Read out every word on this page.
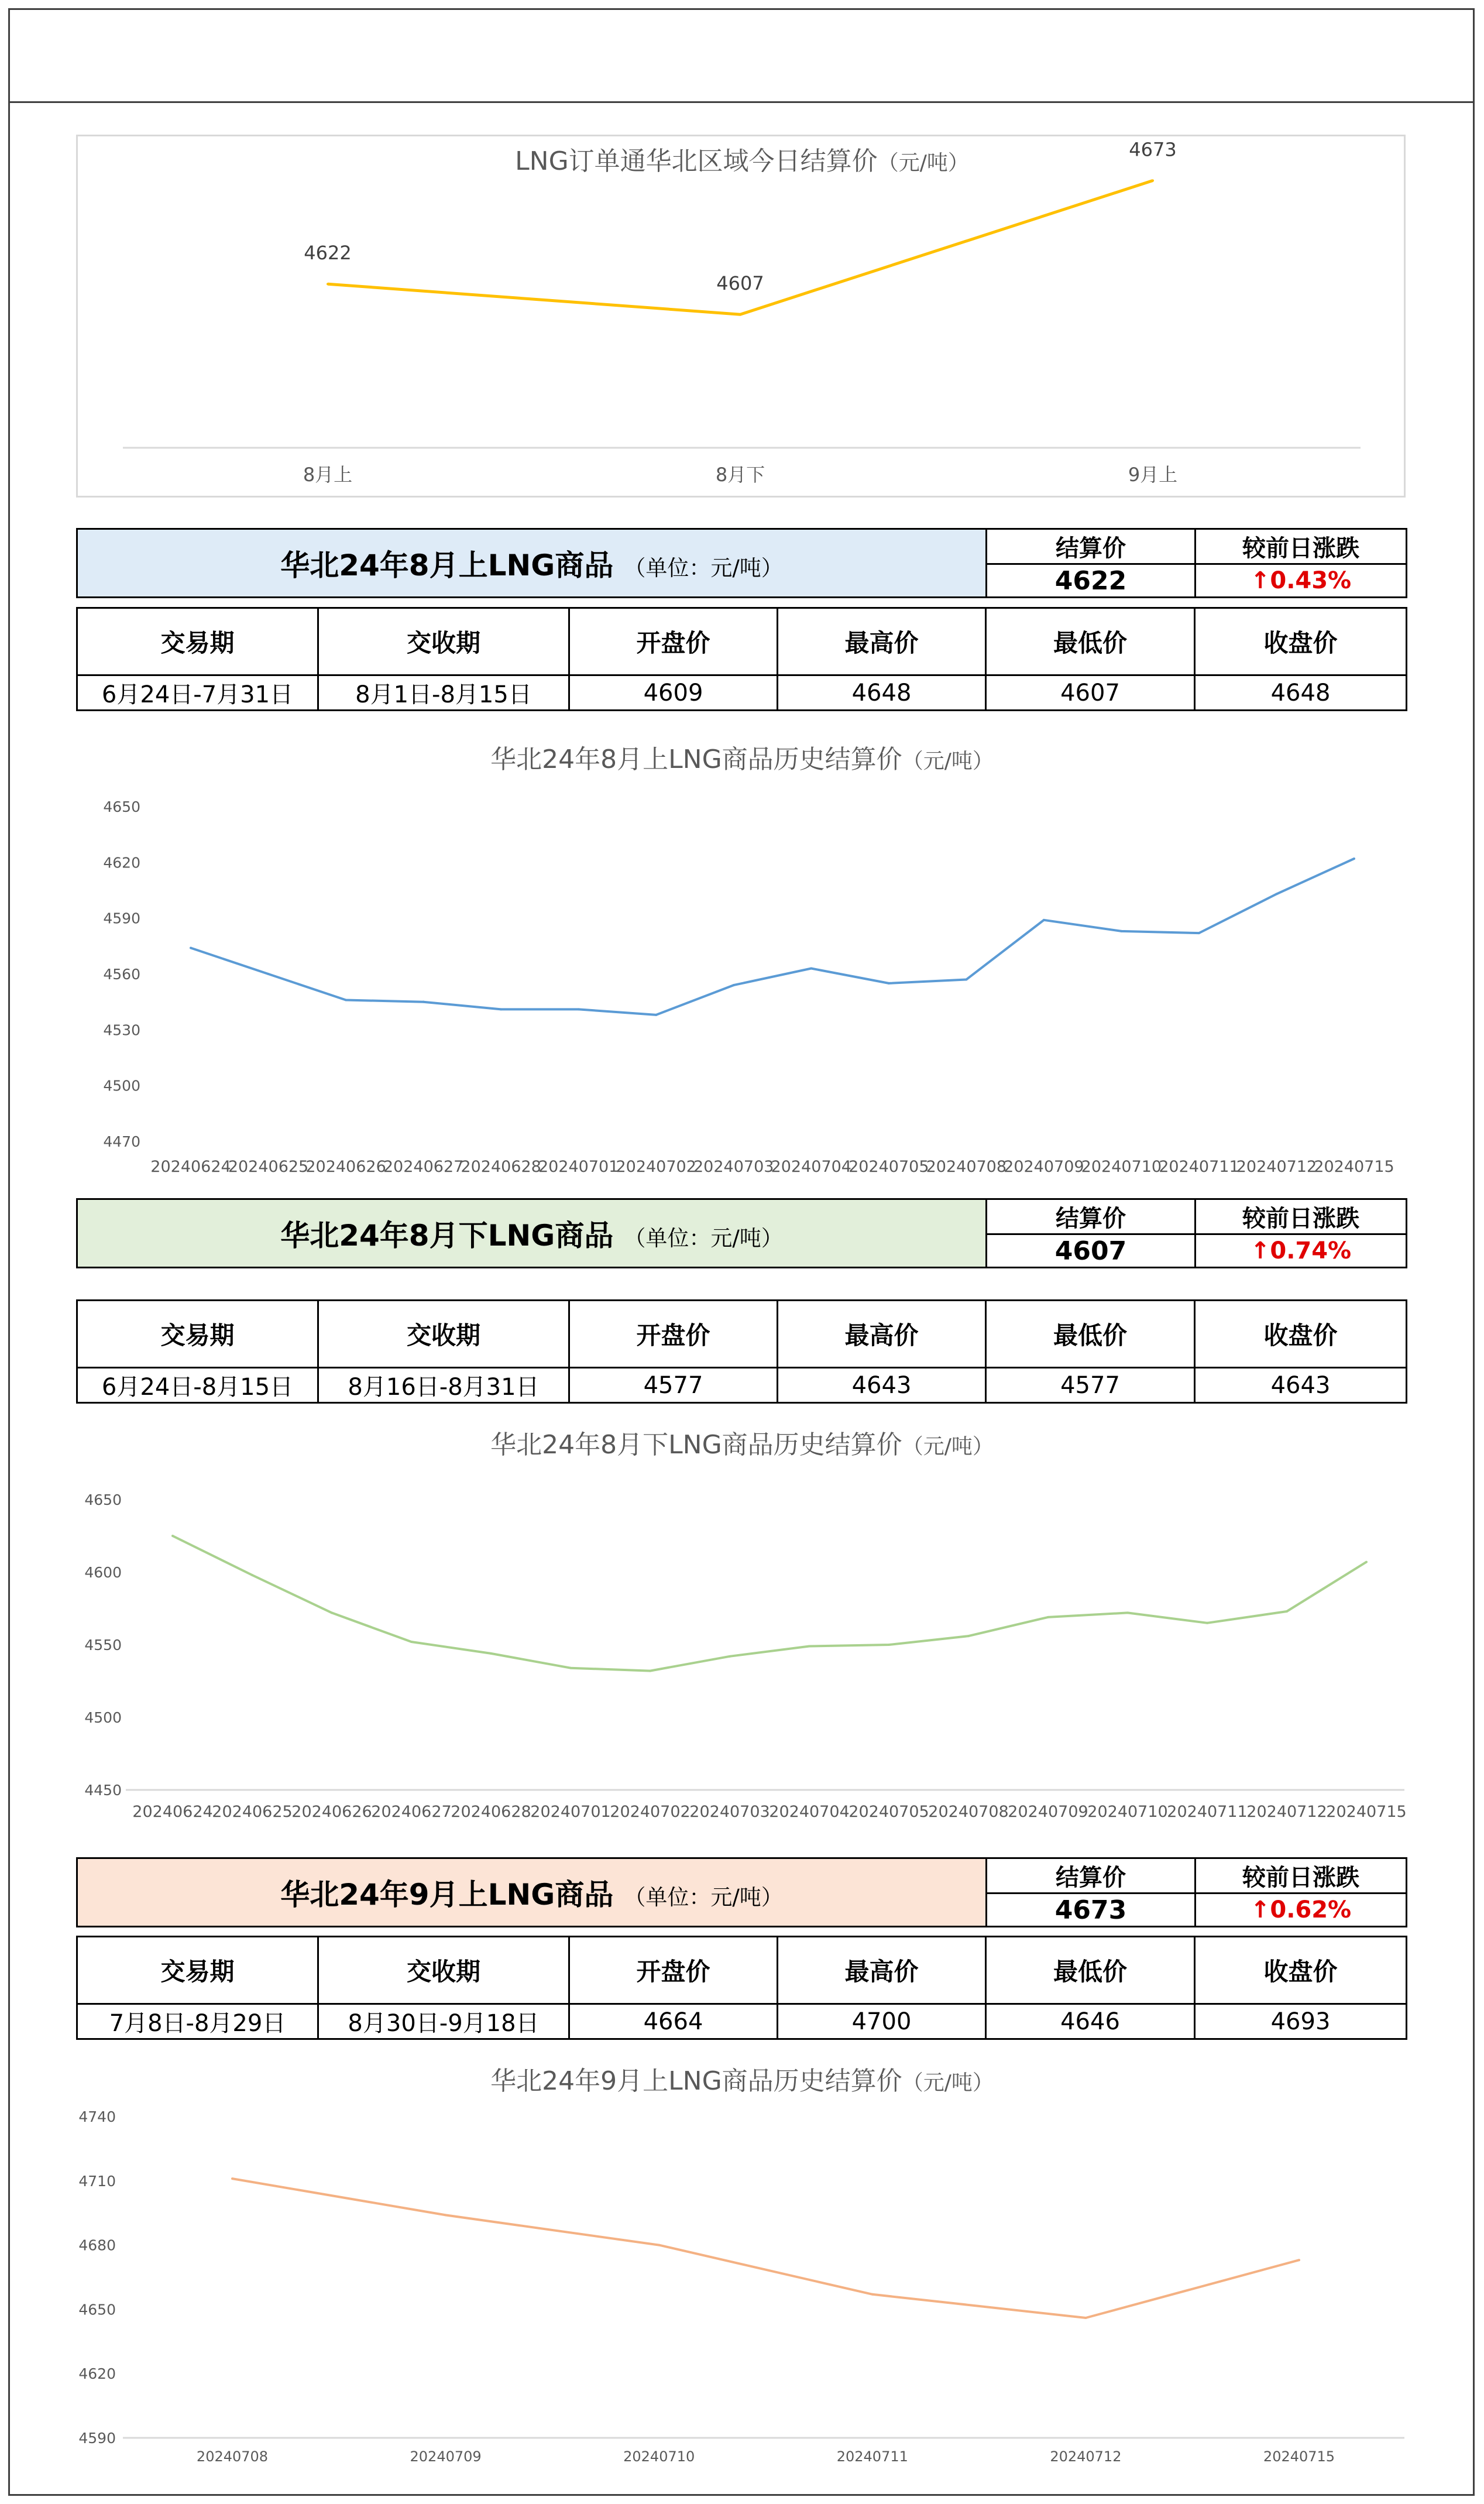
LNG订单通华北区域今日结算价（元/吨）
8月上	8月下	9月上
4622
4607
4673
华北24年8月上LNG商品 （单位：元/吨）	结算价	较前日涨跌
	4622	↑0.43%
交易期	交收期	开盘价	最高价	最低价	收盘价
6月24日-7月31日	8月1日-8月15日	4609	4648	4607	4648
华北24年8月上LNG商品历史结算价（元/吨）
4470
4500
4530
4560
4590
4620
4650
20240624
20240625
20240626
20240627
20240628
20240701
20240702
20240703
20240704
20240705
20240708
20240709
20240710
20240711
20240712
20240715
华北24年8月下LNG商品 （单位：元/吨）	结算价	较前日涨跌
	4607	↑0.74%
交易期	交收期	开盘价	最高价	最低价	收盘价
6月24日-8月15日	8月16日-8月31日	4577	4643	4577	4643
华北24年8月下LNG商品历史结算价（元/吨）
4450
4500
4550
4600
4650
20240624
20240625
20240626
20240627
20240628
20240701
20240702
20240703
20240704
20240705
20240708
20240709
20240710
20240711
20240712
20240715
华北24年9月上LNG商品 （单位：元/吨）	结算价	较前日涨跌
	4673	↑0.62%
交易期	交收期	开盘价	最高价	最低价	收盘价
7月8日-8月29日	8月30日-9月18日	4664	4700	4646	4693
华北24年9月上LNG商品历史结算价（元/吨）
4590
4620
4650
4680
4710
4740
20240708	20240709	20240710	20240711	20240712	20240715
